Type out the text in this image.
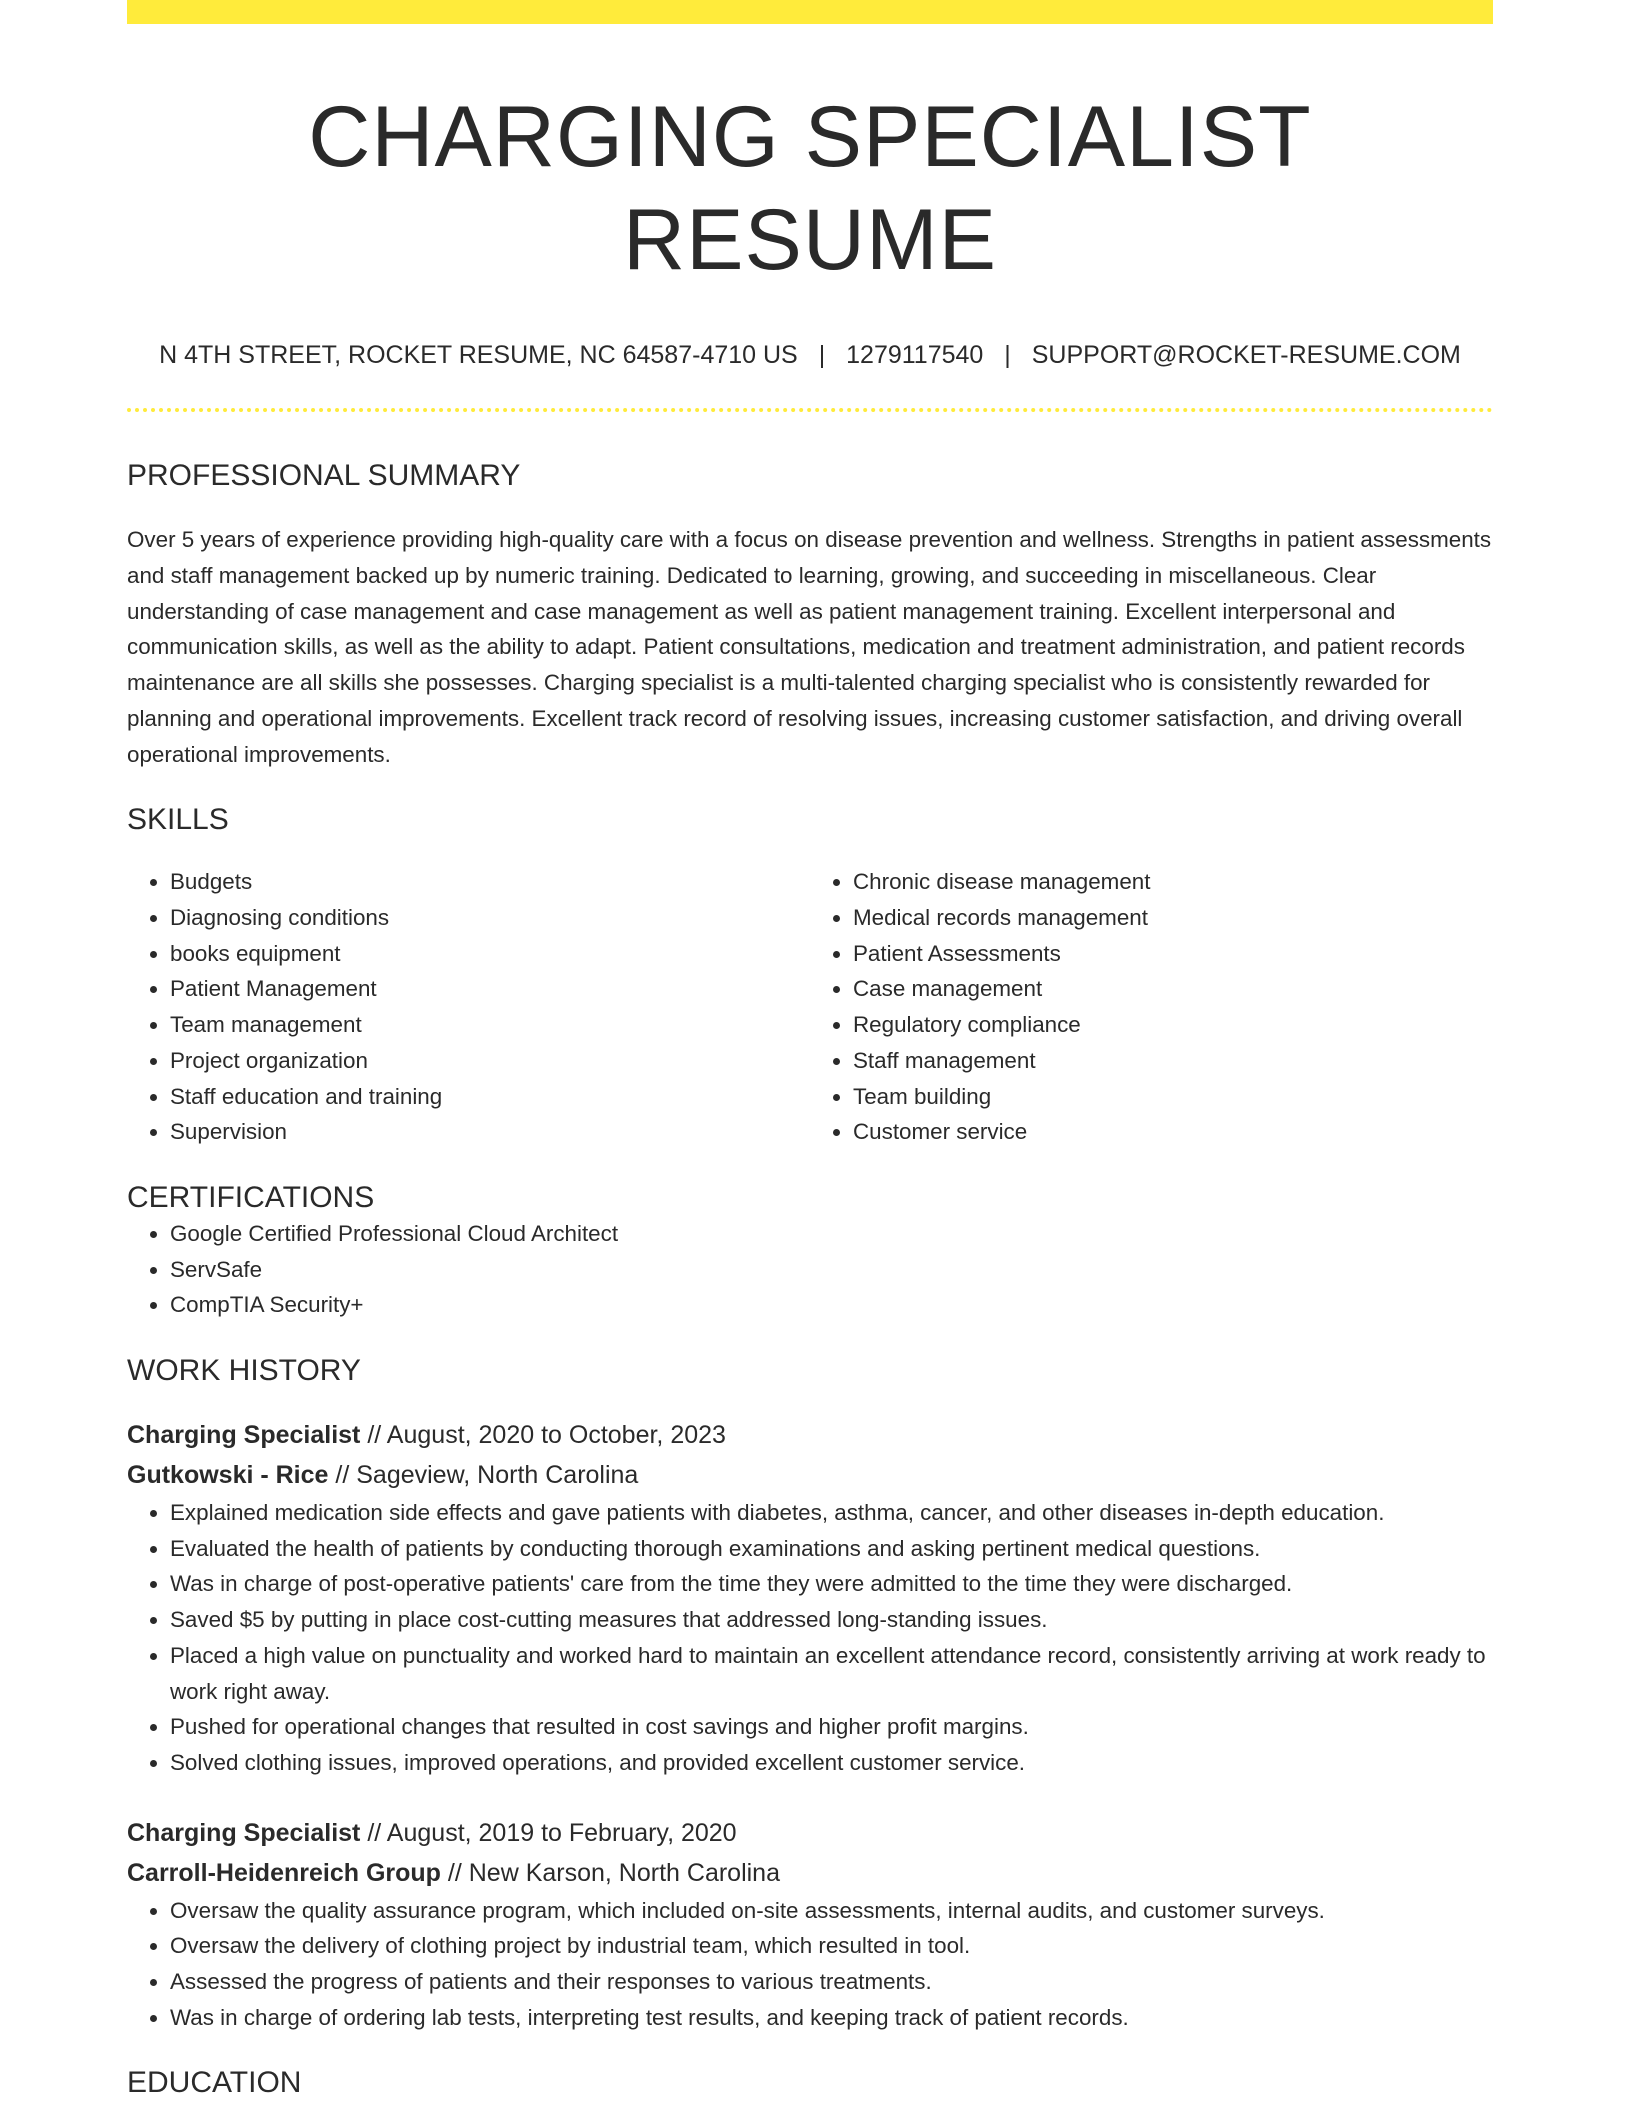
CHARGING SPECIALIST RESUME
N 4TH STREET, ROCKET RESUME, NC 64587-4710 US | 1279117540 | SUPPORT@ROCKET-RESUME.COM
PROFESSIONAL SUMMARY
Over 5 years of experience providing high-quality care with a focus on disease prevention and wellness. Strengths in patient assessments and staff management backed up by numeric training. Dedicated to learning, growing, and succeeding in miscellaneous. Clear understanding of case management and case management as well as patient management training. Excellent interpersonal and communication skills, as well as the ability to adapt. Patient consultations, medication and treatment administration, and patient records maintenance are all skills she possesses. Charging specialist is a multi-talented charging specialist who is consistently rewarded for planning and operational improvements. Excellent track record of resolving issues, increasing customer satisfaction, and driving overall operational improvements.
SKILLS
• Budgets
• Diagnosing conditions
• books equipment
• Patient Management
• Team management
• Project organization
• Staff education and training
• Supervision
• Chronic disease management
• Medical records management
• Patient Assessments
• Case management
• Regulatory compliance
• Staff management
• Team building
• Customer service
CERTIFICATIONS
• Google Certified Professional Cloud Architect
• ServSafe
• CompTIA Security+
WORK HISTORY
Charging Specialist // August, 2020 to October, 2023
Gutkowski - Rice // Sageview, North Carolina
• Explained medication side effects and gave patients with diabetes, asthma, cancer, and other diseases in-depth education.
• Evaluated the health of patients by conducting thorough examinations and asking pertinent medical questions.
• Was in charge of post-operative patients' care from the time they were admitted to the time they were discharged.
• Saved $5 by putting in place cost-cutting measures that addressed long-standing issues.
• Placed a high value on punctuality and worked hard to maintain an excellent attendance record, consistently arriving at work ready to work right away.
• Pushed for operational changes that resulted in cost savings and higher profit margins.
• Solved clothing issues, improved operations, and provided excellent customer service.
Charging Specialist // August, 2019 to February, 2020
Carroll-Heidenreich Group // New Karson, North Carolina
• Oversaw the quality assurance program, which included on-site assessments, internal audits, and customer surveys.
• Oversaw the delivery of clothing project by industrial team, which resulted in tool.
• Assessed the progress of patients and their responses to various treatments.
• Was in charge of ordering lab tests, interpreting test results, and keeping track of patient records.
EDUCATION
